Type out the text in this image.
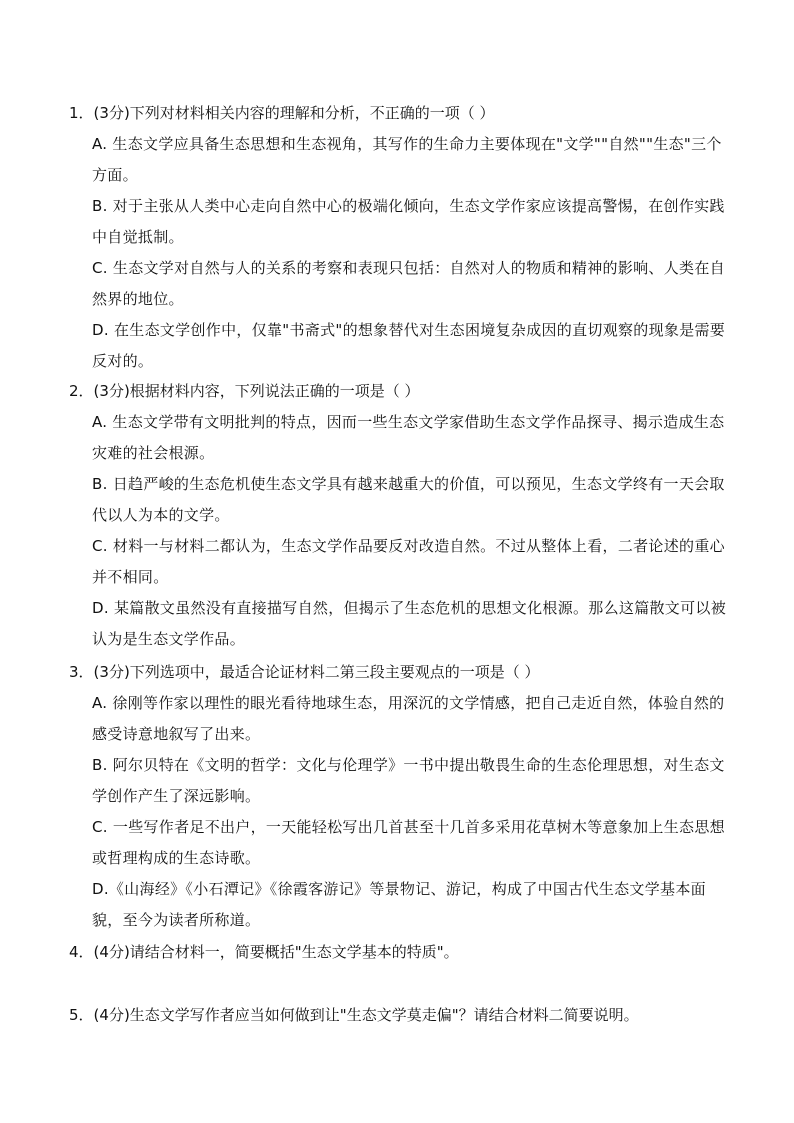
1．(3分)下列对材料相关内容的理解和分析，不正确的一项（ ）
A. 生态文学应具备生态思想和生态视角，其写作的生命力主要体现在"文学""自然""生态"三个方面。
B. 对于主张从人类中心走向自然中心的极端化倾向，生态文学作家应该提高警惕，在创作实践中自觉抵制。
C. 生态文学对自然与人的关系的考察和表现只包括：自然对人的物质和精神的影响、人类在自然界的地位。
D. 在生态文学创作中，仅靠"书斋式"的想象替代对生态困境复杂成因的直切观察的现象是需要反对的。
2．(3分)根据材料内容，下列说法正确的一项是（ ）
A. 生态文学带有文明批判的特点，因而一些生态文学家借助生态文学作品探寻、揭示造成生态灾难的社会根源。
B. 日趋严峻的生态危机使生态文学具有越来越重大的价值，可以预见，生态文学终有一天会取代以人为本的文学。
C. 材料一与材料二都认为，生态文学作品要反对改造自然。不过从整体上看，二者论述的重心并不相同。
D. 某篇散文虽然没有直接描写自然，但揭示了生态危机的思想文化根源。那么这篇散文可以被认为是生态文学作品。
3．(3分)下列选项中，最适合论证材料二第三段主要观点的一项是（ ）
A. 徐刚等作家以理性的眼光看待地球生态，用深沉的文学情感，把自己走近自然，体验自然的感受诗意地叙写了出来。
B. 阿尔贝特在《文明的哲学：文化与伦理学》一书中提出敬畏生命的生态伦理思想，对生态文学创作产生了深远影响。
C. 一些写作者足不出户，一天能轻松写出几首甚至十几首多采用花草树木等意象加上生态思想或哲理构成的生态诗歌。
D.《山海经》《小石潭记》《徐霞客游记》等景物记、游记，构成了中国古代生态文学基本面貌，至今为读者所称道。
4．(4分)请结合材料一，简要概括"生态文学基本的特质"。
5．(4分)生态文学写作者应当如何做到让"生态文学莫走偏"？请结合材料二简要说明。
